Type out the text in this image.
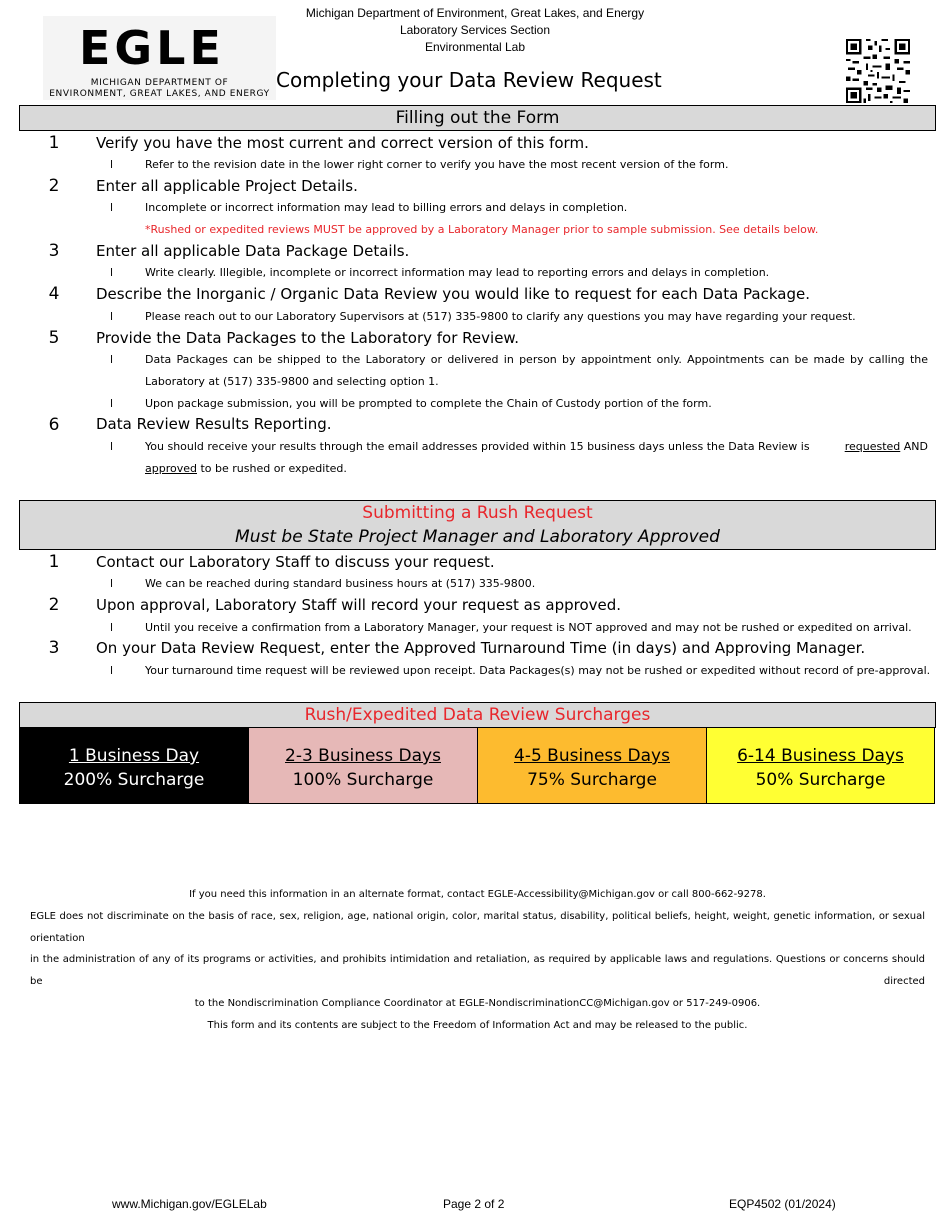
EGLE
MICHIGAN DEPARTMENT OF
ENVIRONMENT, GREAT LAKES, AND ENERGY
Michigan Department of Environment, Great Lakes, and Energy
Laboratory Services Section
Environmental Lab
Completing your Data Review Request
Filling out the Form
1	Verify you have the most current and correct version of this form.
l	Refer to the revision date in the lower right corner to verify you have the most recent version of the form.
2	Enter all applicable Project Details.
l	Incomplete or incorrect information may lead to billing errors and delays in completion.
*Rushed or expedited reviews MUST be approved by a Laboratory Manager prior to sample submission. See details below.
3	Enter all applicable Data Package Details.
l	Write clearly. Illegible, incomplete or incorrect information may lead to reporting errors and delays in completion.
4	Describe the Inorganic / Organic Data Review you would like to request for each Data Package.
l	Please reach out to our Laboratory Supervisors at (517) 335-9800 to clarify any questions you may have regarding your request.
5	Provide the Data Packages to the Laboratory for Review.
l	Data Packages can be shipped to the Laboratory or delivered in person by appointment only. Appointments can be made by calling the
Laboratory at (517) 335-9800 and selecting option 1.
l	Upon package submission, you will be prompted to complete the Chain of Custody portion of the form.
6	Data Review Results Reporting.
l	You should receive your results through the email addresses provided within 15 business days unless the Data Review is	requested AND
approved to be rushed or expedited.
Submitting a Rush Request
Must be State Project Manager and Laboratory Approved
1	Contact our Laboratory Staff to discuss your request.
l	We can be reached during standard business hours at (517) 335-9800.
2	Upon approval, Laboratory Staff will record your request as approved.
l	Until you receive a confirmation from a Laboratory Manager, your request is NOT approved and may not be rushed or expedited on arrival.
3	On your Data Review Request, enter the Approved Turnaround Time (in days) and Approving Manager.
l	Your turnaround time request will be reviewed upon receipt. Data Packages(s) may not be rushed or expedited without record of pre-approval.
Rush/Expedited Data Review Surcharges
1 Business Day
200% Surcharge
2-3 Business Days
100% Surcharge
4-5 Business Days
75% Surcharge
6-14 Business Days
50% Surcharge
If you need this information in an alternate format, contact EGLE-Accessibility@Michigan.gov or call 800-662-9278.
EGLE does not discriminate on the basis of race, sex, religion, age, national origin, color, marital status, disability, political beliefs, height, weight, genetic information, or sexual orientation
in the administration of any of its programs or activities, and prohibits intimidation and retaliation, as required by applicable laws and regulations. Questions or concerns should be directed
to the Nondiscrimination Compliance Coordinator at EGLE-NondiscriminationCC@Michigan.gov or 517-249-0906.
This form and its contents are subject to the Freedom of Information Act and may be released to the public.
www.Michigan.gov/EGLELab	Page 2 of 2	EQP4502 (01/2024)
